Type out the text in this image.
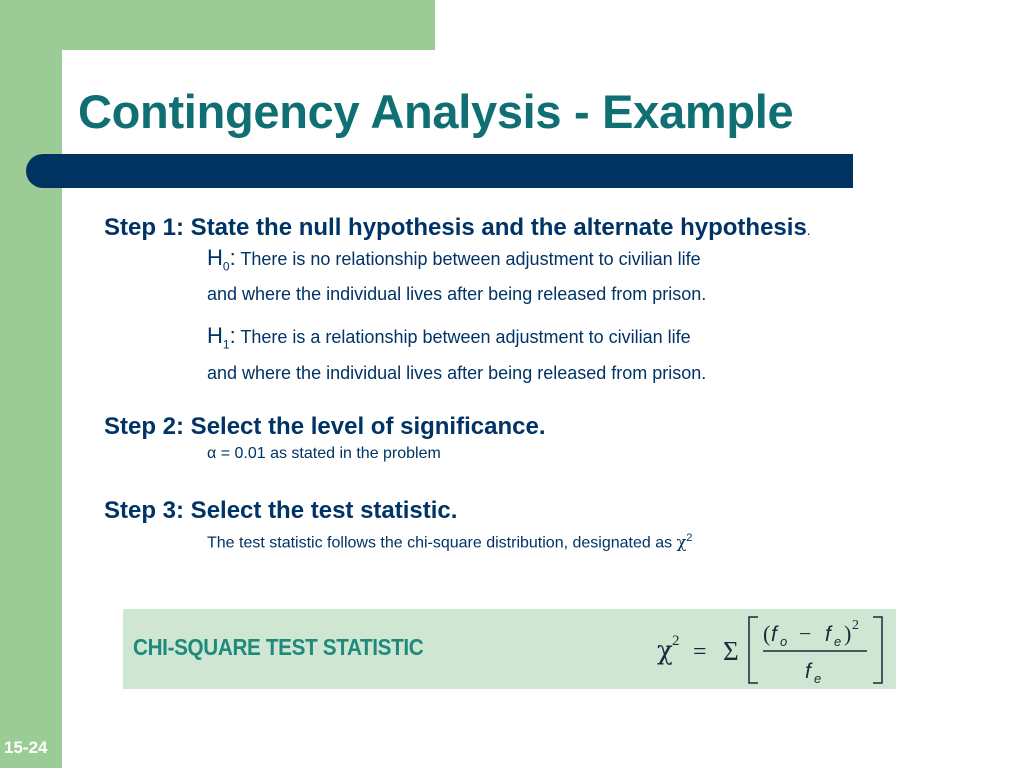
Contingency Analysis - Example

Step 1: State the null hypothesis and the alternate hypothesis.

$H_0$: There is no relationship between adjustment to civilian life
and where the individual lives after being released from prison.
$H_1$: There is a relationship between adjustment to civilian life
and where the individual lives after being released from prison.

Step 2: Select the level of significance.

α = 0.01 as stated in the problem

Step 3: Select the test statistic.

The test statistic follows the chi-square distribution, designated as $\chi^2$
CHI-SQUARE TEST STATISTIC	χ 2 = Σ
( f o − f e ) 2
f e
15-24
